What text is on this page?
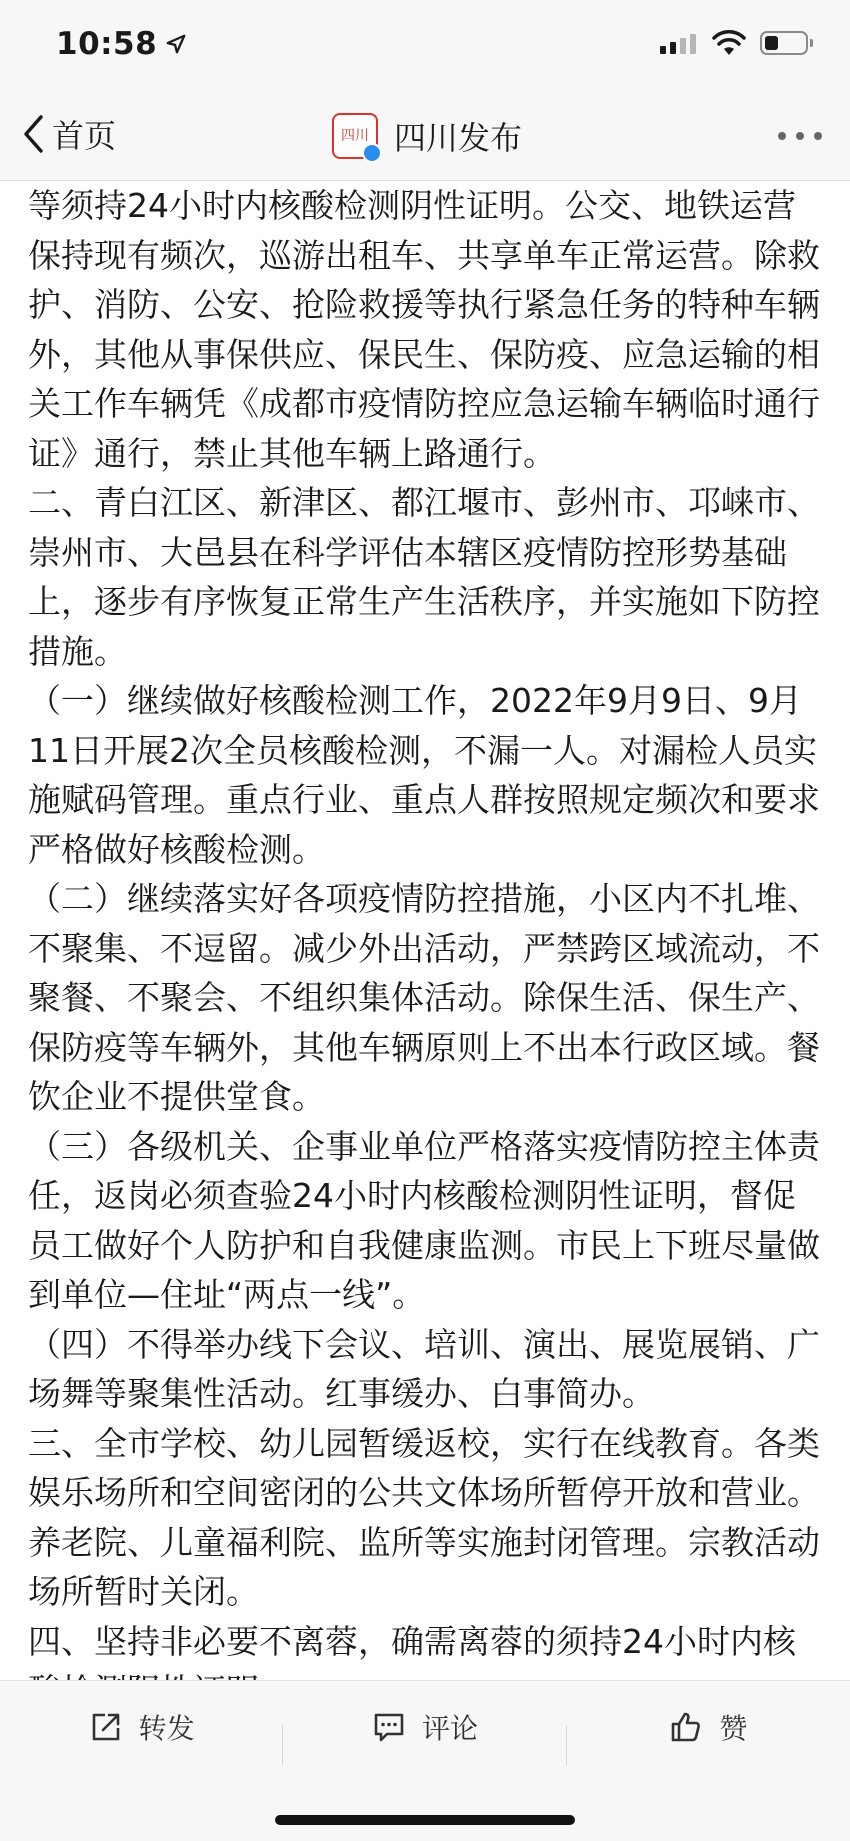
10:58
首页	四川 四川发布

等须持24小时内核酸检测阴性证明。公交、地铁运营保持现有频次，巡游出租车、共享单车正常运营。除救护、消防、公安、抢险救援等执行紧急任务的特种车辆外，其他从事保供应、保民生、保防疫、应急运输的相关工作车辆凭《成都市疫情防控应急运输车辆临时通行证》通行，禁止其他车辆上路通行。

二、青白江区、新津区、都江堰市、彭州市、邛崃市、崇州市、大邑县在科学评估本辖区疫情防控形势基础上，逐步有序恢复正常生产生活秩序，并实施如下防控措施。

（一）继续做好核酸检测工作，2022年9月9日、9月11日开展2次全员核酸检测，不漏一人。对漏检人员实施赋码管理。重点行业、重点人群按照规定频次和要求严格做好核酸检测。

（二）继续落实好各项疫情防控措施，小区内不扎堆、不聚集、不逗留。减少外出活动，严禁跨区域流动，不聚餐、不聚会、不组织集体活动。除保生活、保生产、保防疫等车辆外，其他车辆原则上不出本行政区域。餐饮企业不提供堂食。

（三）各级机关、企事业单位严格落实疫情防控主体责任，返岗必须查验24小时内核酸检测阴性证明，督促员工做好个人防护和自我健康监测。市民上下班尽量做到单位—住址“两点一线”。

（四）不得举办线下会议、培训、演出、展览展销、广场舞等聚集性活动。红事缓办、白事简办。

三、全市学校、幼儿园暂缓返校，实行在线教育。各类娱乐场所和空间密闭的公共文体场所暂停开放和营业。养老院、儿童福利院、监所等实施封闭管理。宗教活动场所暂时关闭。

四、坚持非必要不离蓉，确需离蓉的须持24小时内核

转发	评论	赞
